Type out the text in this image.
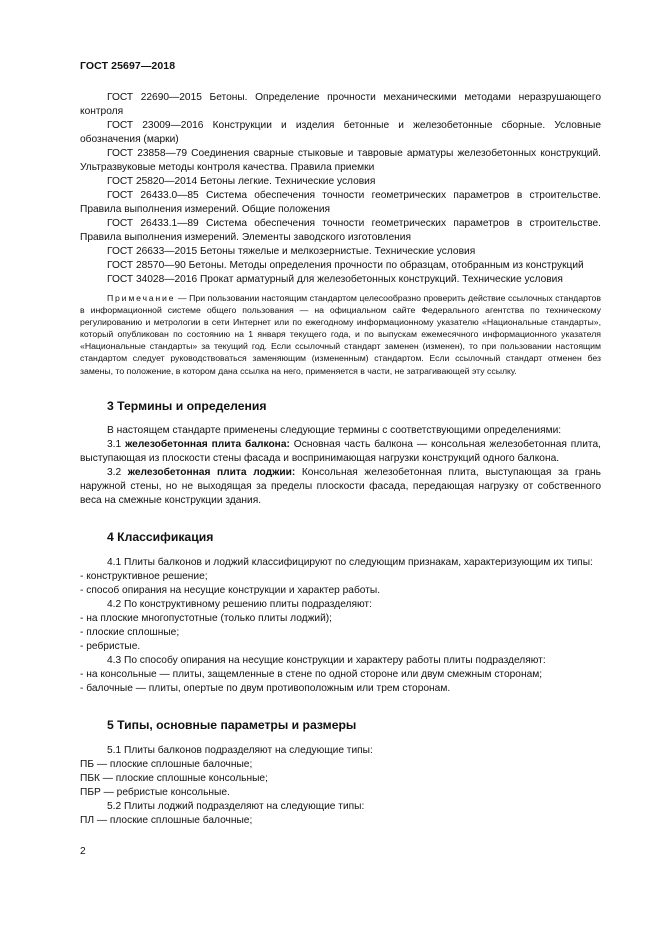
ГОСТ 25697—2018

ГОСТ 22690—2015 Бетоны. Определение прочности механическими методами неразрушающего контроля

ГОСТ 23009—2016 Конструкции и изделия бетонные и железобетонные сборные. Условные обозначения (марки)

ГОСТ 23858—79 Соединения сварные стыковые и тавровые арматуры железобетонных конструкций. Ультразвуковые методы контроля качества. Правила приемки

ГОСТ 25820—2014 Бетоны легкие. Технические условия

ГОСТ 26433.0—85 Система обеспечения точности геометрических параметров в строительстве. Правила выполнения измерений. Общие положения

ГОСТ 26433.1—89 Система обеспечения точности геометрических параметров в строительстве. Правила выполнения измерений. Элементы заводского изготовления

ГОСТ 26633—2015 Бетоны тяжелые и мелкозернистые. Технические условия

ГОСТ 28570—90 Бетоны. Методы определения прочности по образцам, отобранным из конструкций

ГОСТ 34028—2016 Прокат арматурный для железобетонных конструкций. Технические условия

Примечание — При пользовании настоящим стандартом целесообразно проверить действие ссылочных стандартов в информационной системе общего пользования — на официальном сайте Федерального агентства по техническому регулированию и метрологии в сети Интернет или по ежегодному информационному указателю «Национальные стандарты», который опубликован по состоянию на 1 января текущего года, и по выпускам ежемесячного информационного указателя «Национальные стандарты» за текущий год. Если ссылочный стандарт заменен (изменен), то при пользовании настоящим стандартом следует руководствоваться заменяющим (измененным) стандартом. Если ссылочный стандарт отменен без замены, то положение, в котором дана ссылка на него, применяется в части, не затрагивающей эту ссылку.

3 Термины и определения

В настоящем стандарте применены следующие термины с соответствующими определениями:

3.1 железобетонная плита балкона: Основная часть балкона — консольная железобетонная плита, выступающая из плоскости стены фасада и воспринимающая нагрузки конструкций одного балкона.

3.2 железобетонная плита лоджии: Консольная железобетонная плита, выступающая за грань наружной стены, но не выходящая за пределы плоскости фасада, передающая нагрузку от собственного веса на смежные конструкции здания.

4 Классификация

4.1 Плиты балконов и лоджий классифицируют по следующим признакам, характеризующим их типы:

- конструктивное решение;

- способ опирания на несущие конструкции и характер работы.

4.2 По конструктивному решению плиты подразделяют:

- на плоские многопустотные (только плиты лоджий);

- плоские сплошные;

- ребристые.

4.3 По способу опирания на несущие конструкции и характеру работы плиты подразделяют:

- на консольные — плиты, защемленные в стене по одной стороне или двум смежным сторонам;

- балочные — плиты, опертые по двум противоположным или трем сторонам.

5 Типы, основные параметры и размеры

5.1 Плиты балконов подразделяют на следующие типы:

ПБ — плоские сплошные балочные;

ПБК — плоские сплошные консольные;

ПБР — ребристые консольные.

5.2 Плиты лоджий подразделяют на следующие типы:

ПЛ — плоские сплошные балочные;

2
